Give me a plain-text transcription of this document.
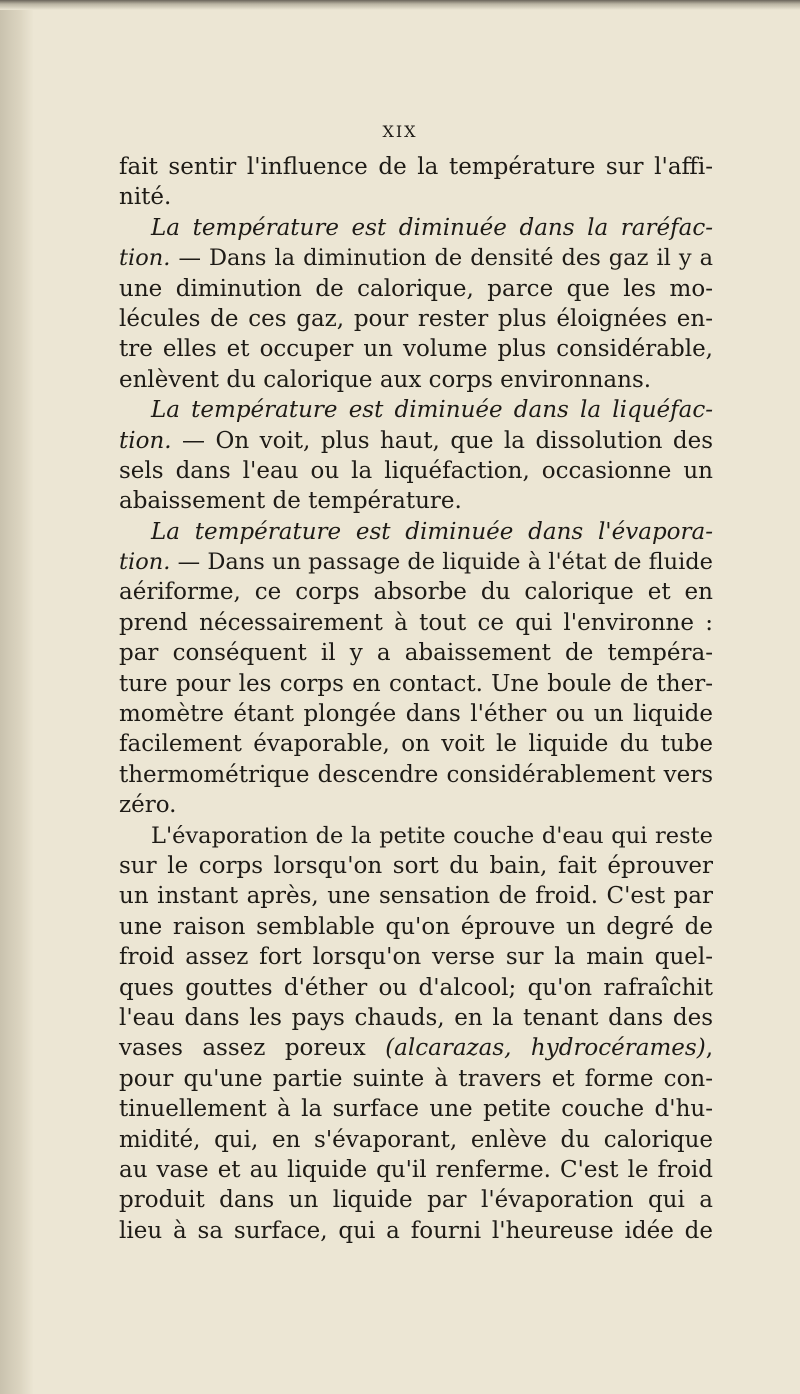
XIX
fait sentir l'influence de la température sur l'affi-
nité.
La température est diminuée dans la raréfac-
tion. — Dans la diminution de densité des gaz il y a
une diminution de calorique, parce que les mo-
lécules de ces gaz, pour rester plus éloignées en-
tre elles et occuper un volume plus considérable,
enlèvent du calorique aux corps environnans.
La température est diminuée dans la liquéfac-
tion. — On voit, plus haut, que la dissolution des
sels dans l'eau ou la liquéfaction, occasionne un
abaissement de température.
La température est diminuée dans l'évapora-
tion. — Dans un passage de liquide à l'état de fluide
aériforme, ce corps absorbe du calorique et en
prend nécessairement à tout ce qui l'environne :
par conséquent il y a abaissement de tempéra-
ture pour les corps en contact. Une boule de ther-
momètre étant plongée dans l'éther ou un liquide
facilement évaporable, on voit le liquide du tube
thermométrique descendre considérablement vers
zéro.
L'évaporation de la petite couche d'eau qui reste
sur le corps lorsqu'on sort du bain, fait éprouver
un instant après, une sensation de froid. C'est par
une raison semblable qu'on éprouve un degré de
froid assez fort lorsqu'on verse sur la main quel-
ques gouttes d'éther ou d'alcool; qu'on rafraîchit
l'eau dans les pays chauds, en la tenant dans des
vases assez poreux (alcarazas, hydrocérames),
pour qu'une partie suinte à travers et forme con-
tinuellement à la surface une petite couche d'hu-
midité, qui, en s'évaporant, enlève du calorique
au vase et au liquide qu'il renferme. C'est le froid
produit dans un liquide par l'évaporation qui a
lieu à sa surface, qui a fourni l'heureuse idée de
